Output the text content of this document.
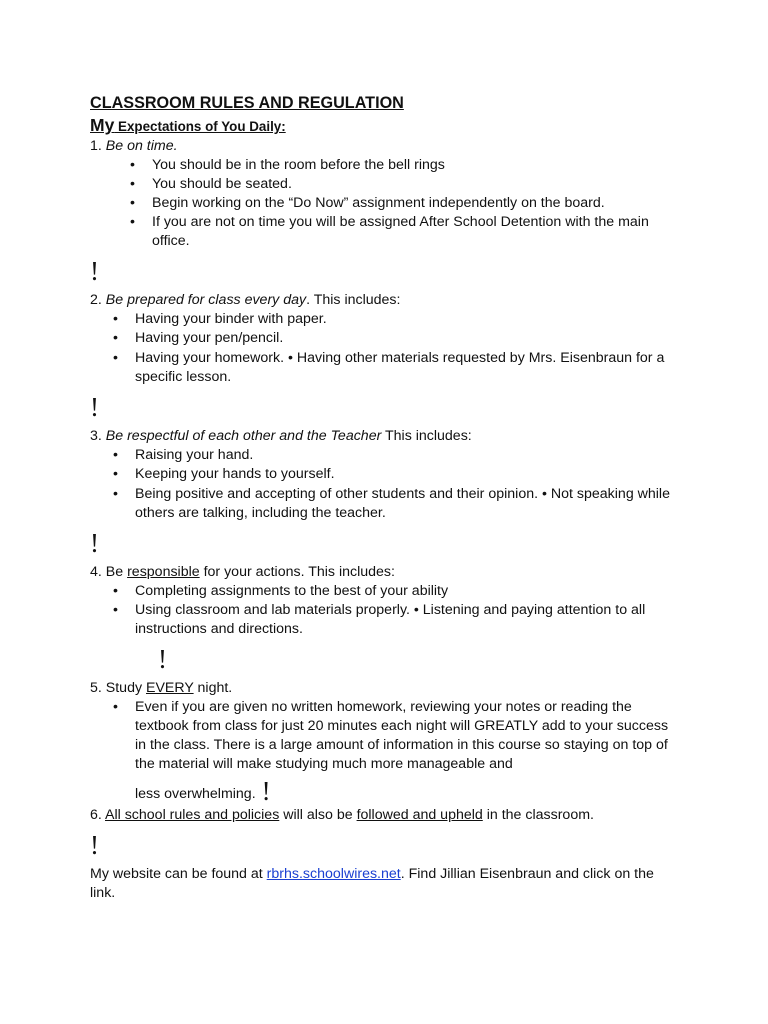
CLASSROOM RULES AND REGULATION

My Expectations of You Daily:

1. Be on time.

• You should be in the room before the bell rings
• You should be seated.
• Begin working on the “Do Now” assignment independently on the board.
• If you are not on time you will be assigned After School Detention with the main office.
!

2. Be prepared for class every day. This includes:

• Having your binder with paper.
• Having your pen/pencil.
• Having your homework. • Having other materials requested by Mrs. Eisenbraun for a specific lesson.
!

3. Be respectful of each other and the Teacher This includes:

• Raising your hand.
• Keeping your hands to yourself.
• Being positive and accepting of other students and their opinion. • Not speaking while others are talking, including the teacher.
!

4. Be responsible for your actions. This includes:

• Completing assignments to the best of your ability
• Using classroom and lab materials properly. • Listening and paying attention to all instructions and directions.
!

5. Study EVERY night.

• Even if you are given no written homework, reviewing your notes or reading the textbook from class for just 20 minutes each night will GREATLY add to your success in the class. There is a large amount of information in this course so staying on top of the material will make studying much more manageable and
less overwhelming. !

6. All school rules and policies will also be followed and upheld in the classroom.

!

My website can be found at rbrhs.schoolwires.net. Find Jillian Eisenbraun and click on the link.
